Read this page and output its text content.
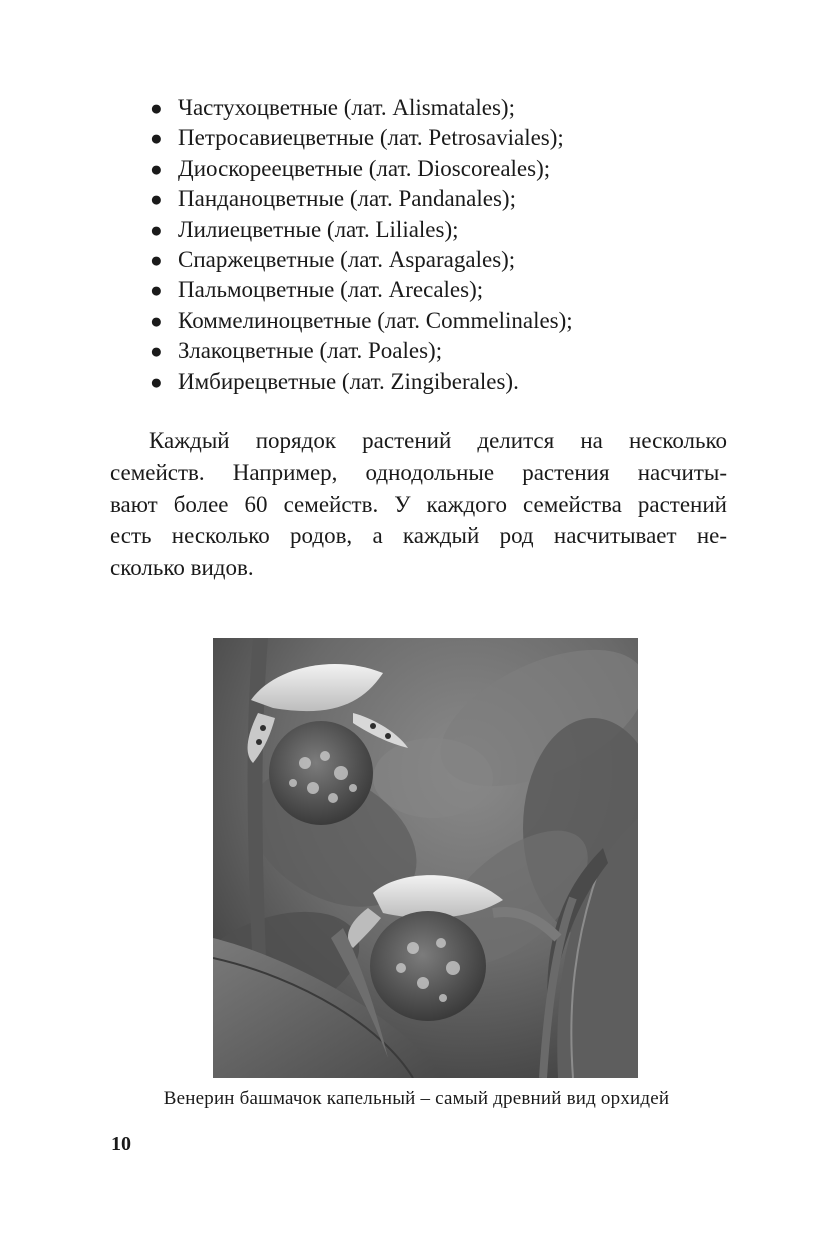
● Частухоцветные (лат. Alismatales);
● Петросавиецветные (лат. Petrosaviales);
● Диоскореецветные (лат. Dioscoreales);
● Панданоцветные (лат. Pandanales);
● Лилиецветные (лат. Liliales);
● Спаржецветные (лат. Asparagales);
● Пальмоцветные (лат. Arecales);
● Коммелиноцветные (лат. Commelinales);
● Злакоцветные (лат. Poales);
● Имбирецветные (лат. Zingiberales).

Каждый порядок растений делится на несколько
семейств. Например, однодольные растения насчиты-
вают более 60 семейств. У каждого семейства растений
есть несколько родов, а каждый род насчитывает не-
сколько видов.

Венерин башмачок капельный – самый древний вид орхидей
10
